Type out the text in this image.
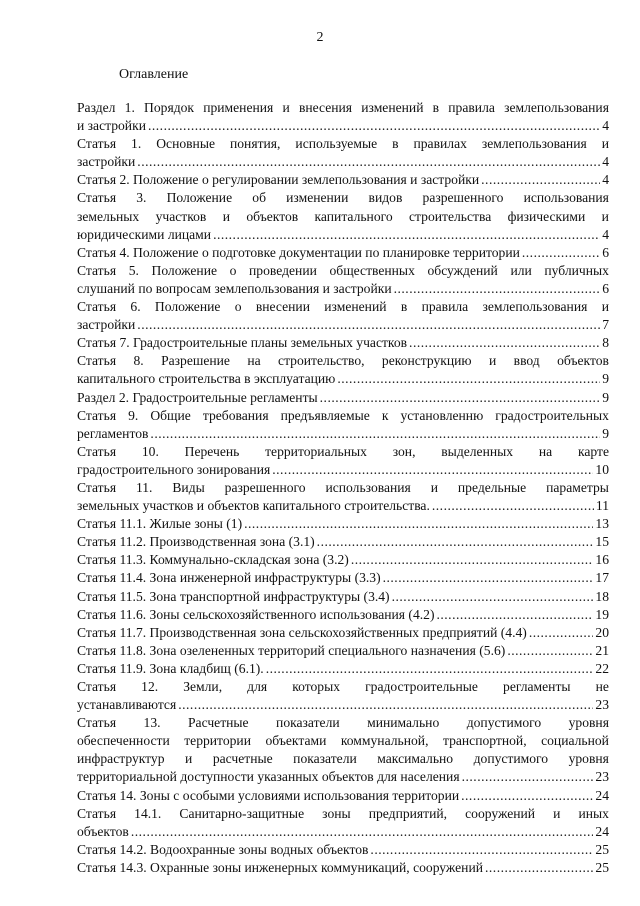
2
Оглавление
Раздел 1. Порядок применения и внесения изменений в правила землепользования
и застройки .....	4
Статья 1. Основные понятия, используемые в правилах землепользования и
застройки .....	4
Статья 2. Положение о регулировании землепользования и застройки .....	4
Статья 3. Положение об изменении видов разрешенного использования
земельных участков и объектов капитального строительства физическими и
юридическими лицами .....	4
Статья 4. Положение о подготовке документации по планировке территории .....	6
Статья 5. Положение о проведении общественных обсуждений или публичных
слушаний по вопросам землепользования и застройки .....	6
Статья 6. Положение о внесении изменений в правила землепользования и
застройки .....	7
Статья 7. Градостроительные планы земельных участков .....	8
Статья 8. Разрешение на строительство, реконструкцию и ввод объектов
капитального строительства в эксплуатацию .....	9
Раздел 2. Градостроительные регламенты .....	9
Статья 9. Общие требования предъявляемые к установленню градостроительных
регламентов .....	9
Статья 10. Перечень территориальных зон, выделенных на карте
градостроительного зонирования .....	10
Статья 11. Виды разрешенного использования и предельные параметры
земельных участков и объектов капитального строительства. .....	11
Статья 11.1. Жилые зоны (1) .....	13
Статья 11.2. Производственная зона (3.1) .....	15
Статья 11.3. Коммунально-складская зона (3.2) .....	16
Статья 11.4. Зона инженерной инфраструктуры (3.3) .....	17
Статья 11.5. Зона транспортной инфраструктуры (3.4) .....	18
Статья 11.6. Зоны сельскохозяйственного использования (4.2) .....	19
Статья 11.7. Производственная зона сельскохозяйственных предприятий (4.4) .....	20
Статья 11.8. Зона озелененных территорий специального назначения (5.6) .....	21
Статья 11.9. Зона кладбищ (6.1). .....	22
Статья 12. Земли, для которых градостроительные регламенты не
устанавливаются .....	23
Статья 13. Расчетные показатели минимально допустимого уровня
обеспеченности территории объектами коммунальной, транспортной, социальной
инфраструктур и расчетные показатели максимально допустимого уровня
территориальной доступности указанных объектов для населения .....	23
Статья 14. Зоны с особыми условиями использования территории .....	24
Статья 14.1. Санитарно-защитные зоны предприятий, сооружений и иных
объектов .....	24
Статья 14.2. Водоохранные зоны водных объектов .....	25
Статья 14.3. Охранные зоны инженерных коммуникаций, сооружений .....	25
